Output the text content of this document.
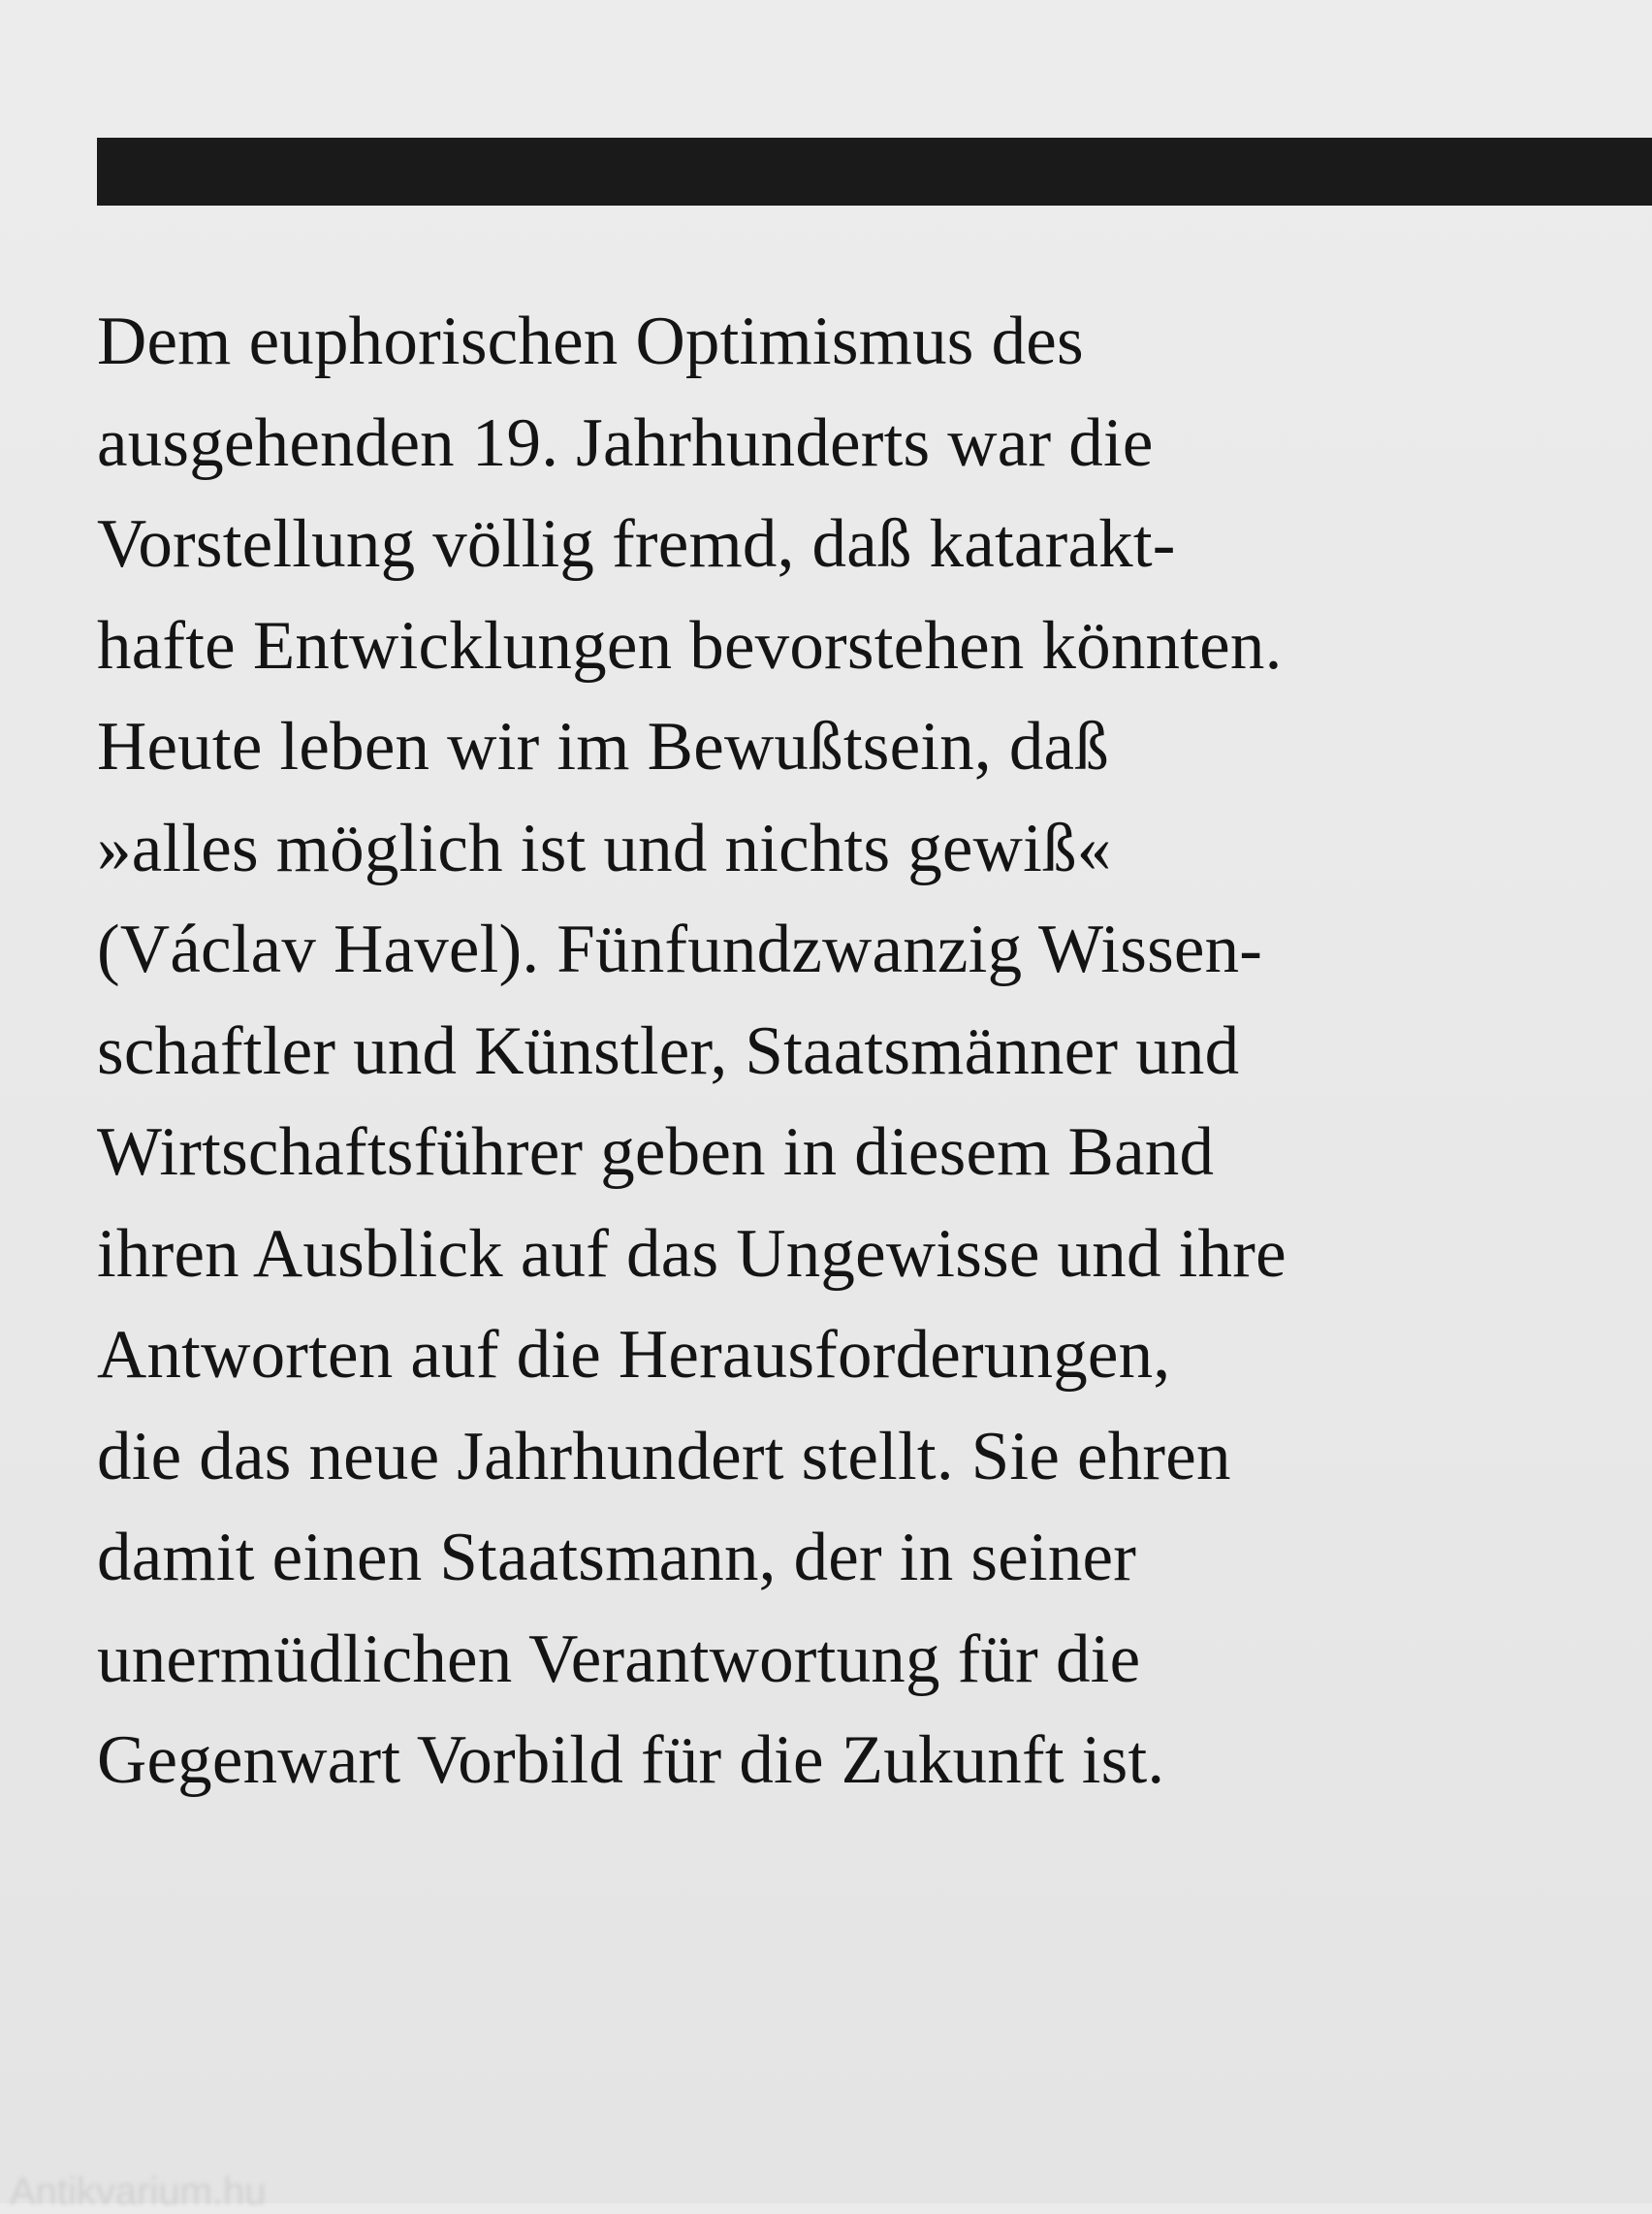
Dem euphorischen Optimismus des
ausgehenden 19. Jahrhunderts war die
Vorstellung völlig fremd, daß katarakt-
hafte Entwicklungen bevorstehen könnten.
Heute leben wir im Bewußtsein, daß
»alles möglich ist und nichts gewiß«
(Václav Havel). Fünfundzwanzig Wissen-
schaftler und Künstler, Staatsmänner und
Wirtschaftsführer geben in diesem Band
ihren Ausblick auf das Ungewisse und ihre
Antworten auf die Herausforderungen,
die das neue Jahrhundert stellt. Sie ehren
damit einen Staatsmann, der in seiner
unermüdlichen Verantwortung für die
Gegenwart Vorbild für die Zukunft ist.
Antikvarium.hu
